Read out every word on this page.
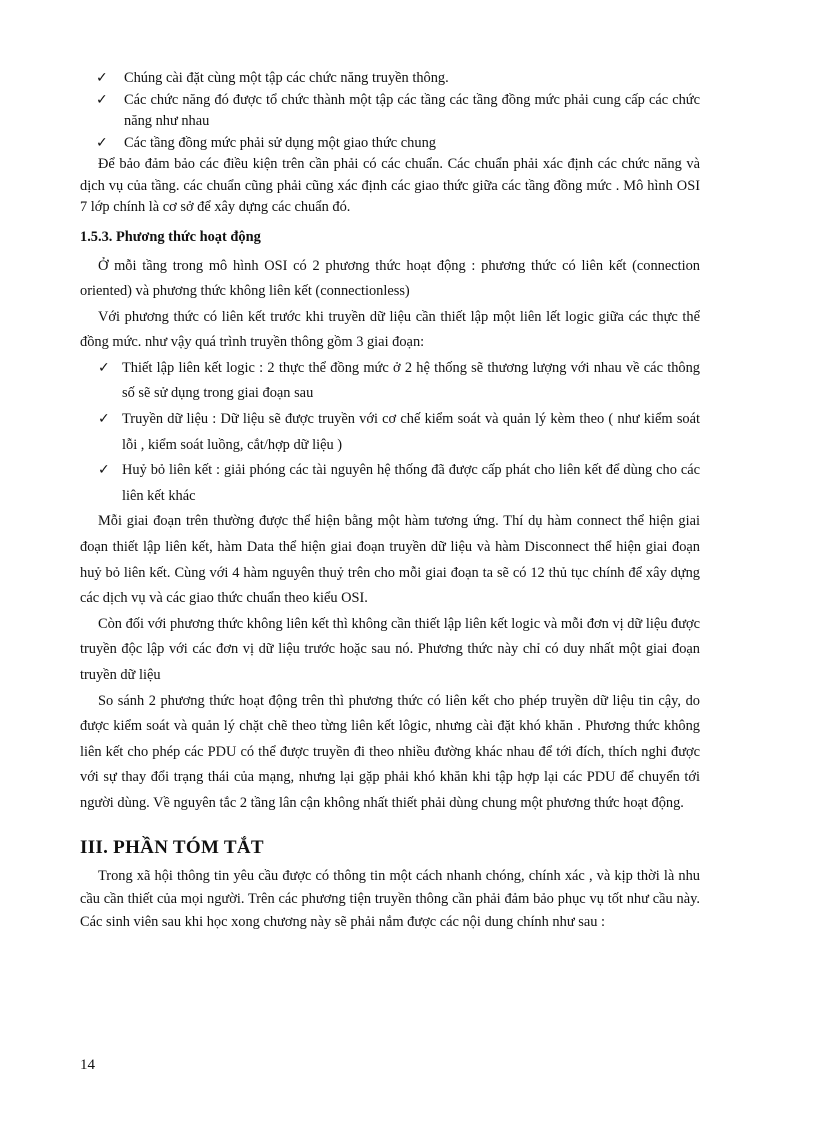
✓ Chúng cài đặt cùng một tập các chức năng truyền thông.
✓ Các chức năng đó được tổ chức thành một tập các tầng các tầng đồng mức phải cung cấp các chức năng như nhau
✓ Các tầng đồng mức phải sử dụng một giao thức chung
Để bảo đảm bảo các điều kiện trên cần phải có các chuẩn. Các chuẩn phải xác định các chức năng và dịch vụ của tầng. các chuẩn cũng phải cũng xác định các giao thức giữa các tầng đồng mức . Mô hình OSI 7 lớp chính là cơ sở để xây dựng các chuẩn đó.
1.5.3. Phương thức hoạt động
Ở mỗi tầng trong mô hình OSI có 2 phương thức hoạt động : phương thức có liên kết (connection oriented) và phương thức không liên kết (connectionless)
Với phương thức có liên kết trước khi truyền dữ liệu cần thiết lập một liên lết logic giữa các thực thể đồng mức. như vậy quá trình truyền thông gồm 3 giai đoạn:
✓ Thiết lập liên kết logic : 2 thực thể đồng mức ở 2 hệ thống sẽ thương lượng với nhau về các thông số sẽ sử dụng trong giai đoạn sau
✓ Truyền dữ liệu : Dữ liệu sẽ được truyền với cơ chế kiểm soát và quản lý kèm theo ( như kiểm soát lỗi , kiểm soát luồng, cắt/hợp dữ liệu )
✓ Huỷ bỏ liên kết : giải phóng các tài nguyên hệ thống đã được cấp phát cho liên kết để dùng cho các liên kết khác
Mỗi giai đoạn trên thường được thể hiện bằng một hàm tương ứng. Thí dụ hàm connect thể hiện giai đoạn thiết lập liên kết, hàm Data thể hiện giai đoạn truyền dữ liệu và hàm Disconnect thể hiện giai đoạn huỷ bỏ liên kết. Cùng với 4 hàm nguyên thuỷ trên cho mỗi giai đoạn ta sẽ có 12 thủ tục chính để xây dựng các dịch vụ và các giao thức chuẩn theo kiểu OSI.
Còn đối với phương thức không liên kết thì không cần thiết lập liên kết logic và mỗi đơn vị dữ liệu được truyền độc lập với các đơn vị dữ liệu trước hoặc sau nó. Phương thức này chỉ có duy nhất một giai đoạn truyền dữ liệu
So sánh 2 phương thức hoạt động trên thì phương thức có liên kết cho phép truyền dữ liệu tin cậy, do được kiểm soát và quản lý chặt chẽ theo từng liên kết lôgic, nhưng cài đặt khó khăn . Phương thức không liên kết cho phép các PDU có thể được truyền đi theo nhiều đường khác nhau để tới đích, thích nghi được với sự thay đổi trạng thái của mạng, nhưng lại gặp phải khó khăn khi tập hợp lại các PDU để chuyển tới người dùng. Về nguyên tắc 2 tầng lân cận không nhất thiết phải dùng chung một phương thức hoạt động.
III. PHẦN TÓM TẮT
Trong xã hội thông tin yêu cầu được có thông tin một cách nhanh chóng, chính xác , và kịp thời là nhu cầu cần thiết của mọi người. Trên các phương tiện truyền thông cần phải đảm bảo phục vụ tốt như cầu này. Các sinh viên sau khi học xong chương này sẽ phải nắm được các nội dung chính như sau :
14
